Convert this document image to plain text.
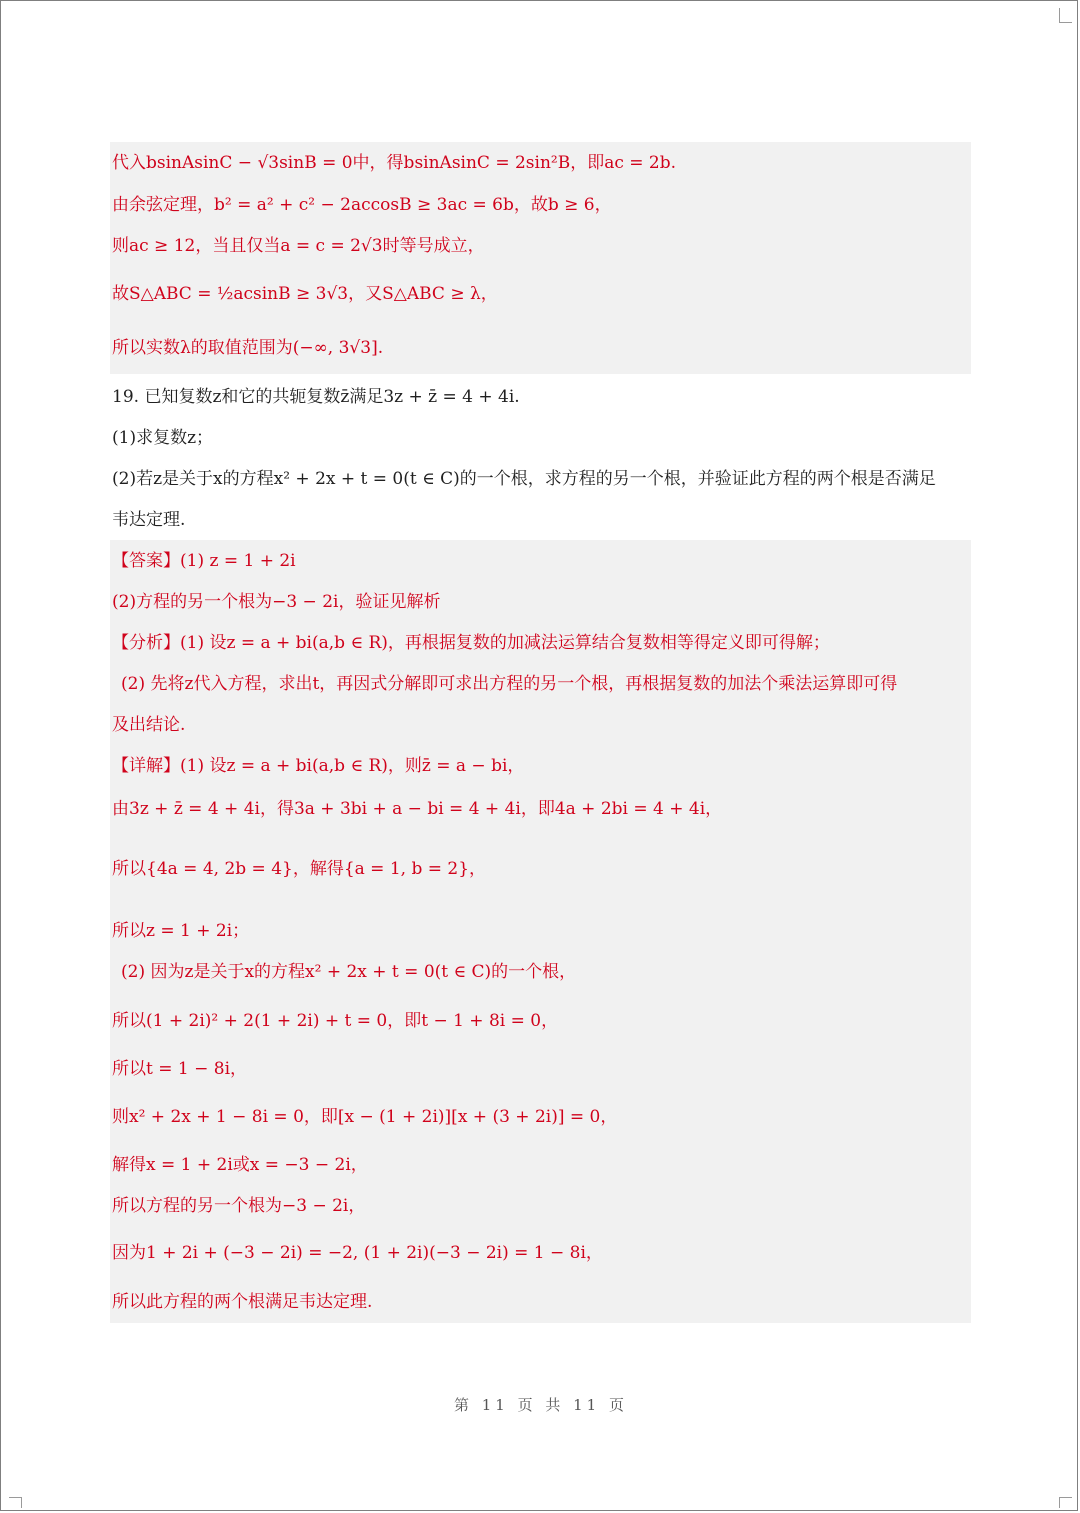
代入bsinAsinC − √3sinB = 0中，得bsinAsinC = 2sin²B，即ac = 2b.
由余弦定理，b² = a² + c² − 2accosB ≥ 3ac = 6b，故b ≥ 6，
则ac ≥ 12，当且仅当a = c = 2√3时等号成立，
故S△ABC = ½acsinB ≥ 3√3，又S△ABC ≥ λ，
所以实数λ的取值范围为(−∞, 3√3].
19. 已知复数z和它的共轭复数z̄满足3z + z̄ = 4 + 4i.
(1)求复数z；
(2)若z是关于x的方程x² + 2x + t = 0(t ∈ C)的一个根，求方程的另一个根，并验证此方程的两个根是否满足
韦达定理.
【答案】(1) z = 1 + 2i
(2)方程的另一个根为−3 − 2i，验证见解析
【分析】(1) 设z = a + bi(a,b ∈ R)，再根据复数的加减法运算结合复数相等得定义即可得解；
(2) 先将z代入方程，求出t，再因式分解即可求出方程的另一个根，再根据复数的加法个乘法运算即可得
及出结论.
【详解】(1) 设z = a + bi(a,b ∈ R)，则z̄ = a − bi，
由3z + z̄ = 4 + 4i，得3a + 3bi + a − bi = 4 + 4i，即4a + 2bi = 4 + 4i，
所以{4a = 4, 2b = 4}，解得{a = 1, b = 2}，
所以z = 1 + 2i；
(2) 因为z是关于x的方程x² + 2x + t = 0(t ∈ C)的一个根，
所以(1 + 2i)² + 2(1 + 2i) + t = 0，即t − 1 + 8i = 0，
所以t = 1 − 8i，
则x² + 2x + 1 − 8i = 0，即[x − (1 + 2i)][x + (3 + 2i)] = 0，
解得x = 1 + 2i或x = −3 − 2i，
所以方程的另一个根为−3 − 2i，
因为1 + 2i + (−3 − 2i) = −2, (1 + 2i)(−3 − 2i) = 1 − 8i，
所以此方程的两个根满足韦达定理.
第 11 页 共 11 页
